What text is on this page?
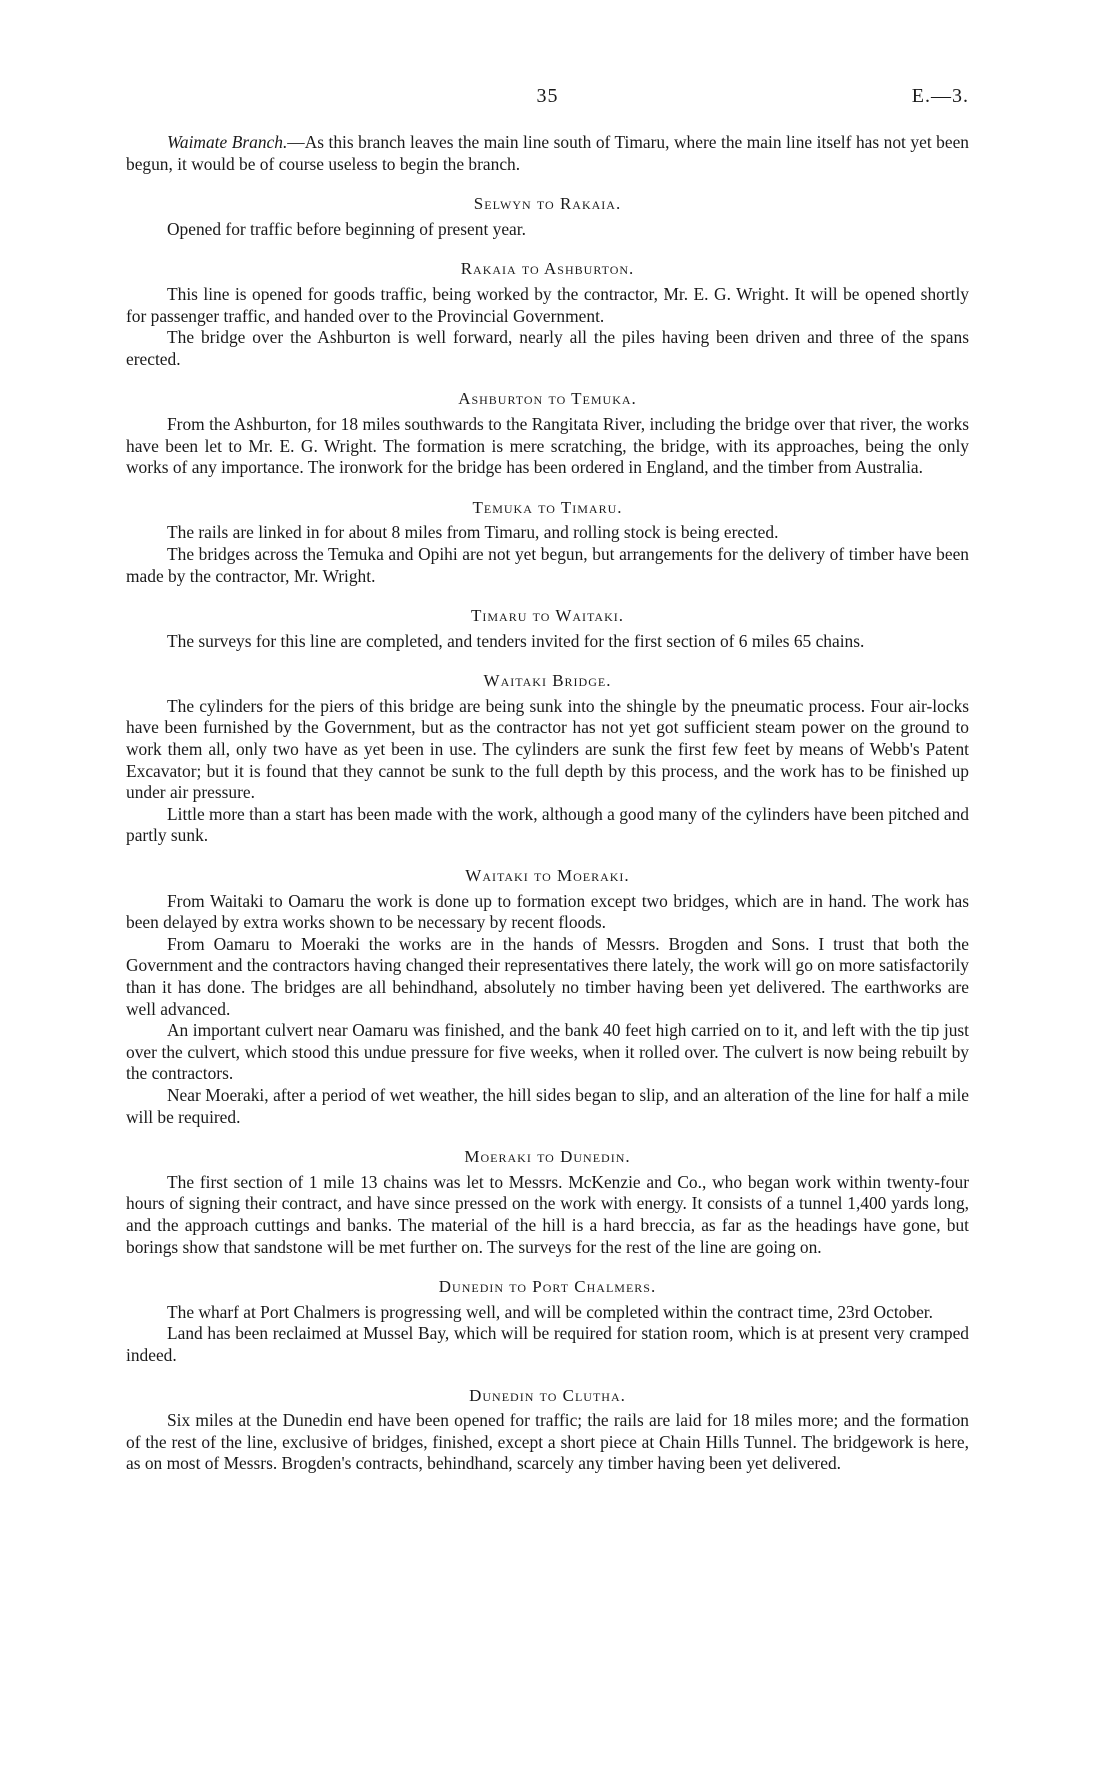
35	E.—3.

Waimate Branch.—As this branch leaves the main line south of Timaru, where the main line itself has not yet been begun, it would be of course useless to begin the branch.

Selwyn to Rakaia.

Opened for traffic before beginning of present year.

Rakaia to Ashburton.

This line is opened for goods traffic, being worked by the contractor, Mr. E. G. Wright. It will be opened shortly for passenger traffic, and handed over to the Provincial Government.

The bridge over the Ashburton is well forward, nearly all the piles having been driven and three of the spans erected.

Ashburton to Temuka.

From the Ashburton, for 18 miles southwards to the Rangitata River, including the bridge over that river, the works have been let to Mr. E. G. Wright. The formation is mere scratching, the bridge, with its approaches, being the only works of any importance. The ironwork for the bridge has been ordered in England, and the timber from Australia.

Temuka to Timaru.

The rails are linked in for about 8 miles from Timaru, and rolling stock is being erected.

The bridges across the Temuka and Opihi are not yet begun, but arrangements for the delivery of timber have been made by the contractor, Mr. Wright.

Timaru to Waitaki.

The surveys for this line are completed, and tenders invited for the first section of 6 miles 65 chains.

Waitaki Bridge.

The cylinders for the piers of this bridge are being sunk into the shingle by the pneumatic process. Four air-locks have been furnished by the Government, but as the contractor has not yet got sufficient steam power on the ground to work them all, only two have as yet been in use. The cylinders are sunk the first few feet by means of Webb's Patent Excavator; but it is found that they cannot be sunk to the full depth by this process, and the work has to be finished up under air pressure.

Little more than a start has been made with the work, although a good many of the cylinders have been pitched and partly sunk.

Waitaki to Moeraki.

From Waitaki to Oamaru the work is done up to formation except two bridges, which are in hand. The work has been delayed by extra works shown to be necessary by recent floods.

From Oamaru to Moeraki the works are in the hands of Messrs. Brogden and Sons. I trust that both the Government and the contractors having changed their representatives there lately, the work will go on more satisfactorily than it has done. The bridges are all behindhand, absolutely no timber having been yet delivered. The earthworks are well advanced.

An important culvert near Oamaru was finished, and the bank 40 feet high carried on to it, and left with the tip just over the culvert, which stood this undue pressure for five weeks, when it rolled over. The culvert is now being rebuilt by the contractors.

Near Moeraki, after a period of wet weather, the hill sides began to slip, and an alteration of the line for half a mile will be required.

Moeraki to Dunedin.

The first section of 1 mile 13 chains was let to Messrs. McKenzie and Co., who began work within twenty-four hours of signing their contract, and have since pressed on the work with energy. It consists of a tunnel 1,400 yards long, and the approach cuttings and banks. The material of the hill is a hard breccia, as far as the headings have gone, but borings show that sandstone will be met further on. The surveys for the rest of the line are going on.

Dunedin to Port Chalmers.

The wharf at Port Chalmers is progressing well, and will be completed within the contract time, 23rd October.

Land has been reclaimed at Mussel Bay, which will be required for station room, which is at present very cramped indeed.

Dunedin to Clutha.

Six miles at the Dunedin end have been opened for traffic; the rails are laid for 18 miles more; and the formation of the rest of the line, exclusive of bridges, finished, except a short piece at Chain Hills Tunnel. The bridgework is here, as on most of Messrs. Brogden's contracts, behindhand, scarcely any timber having been yet delivered.
